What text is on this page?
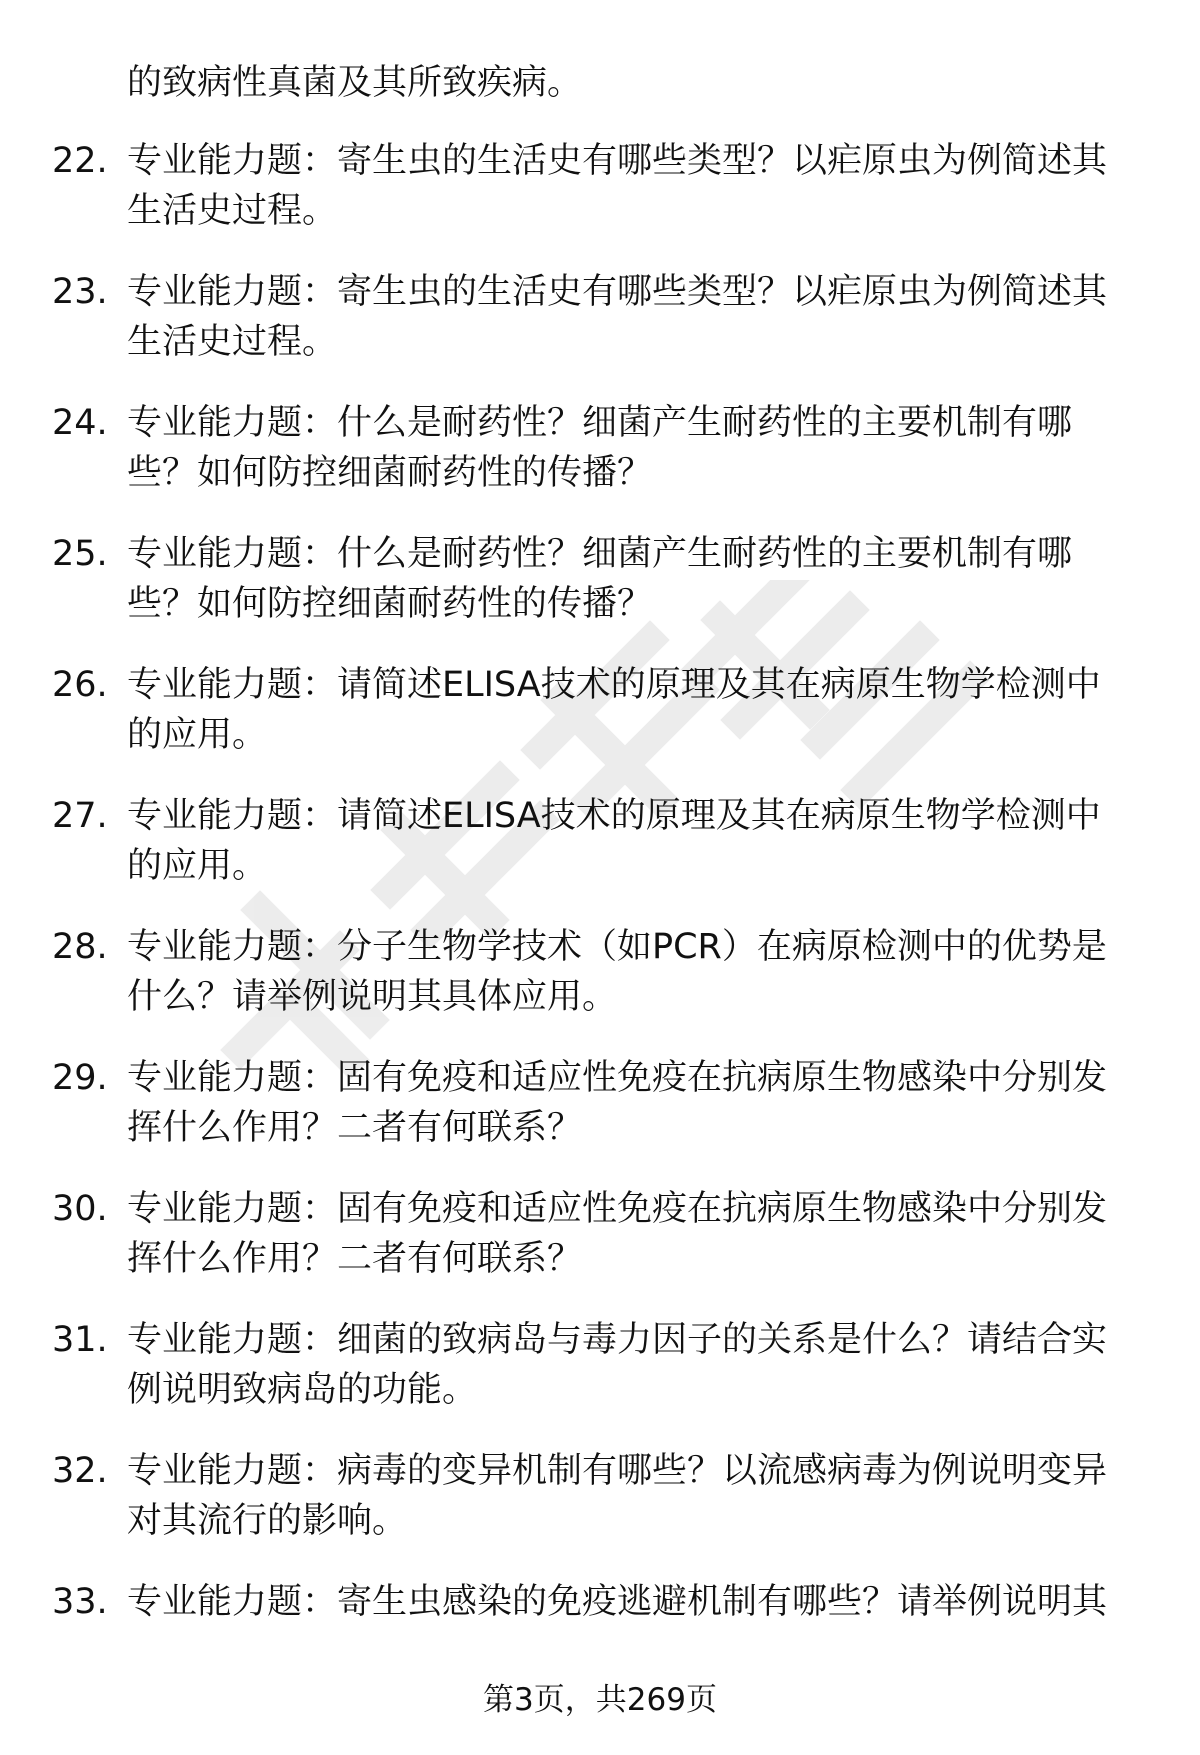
的致病性真菌及其所致疾病。

22. 专业能力题：寄生虫的生活史有哪些类型？以疟原虫为例简述其
生活史过程。
23. 专业能力题：寄生虫的生活史有哪些类型？以疟原虫为例简述其
生活史过程。
24. 专业能力题：什么是耐药性？细菌产生耐药性的主要机制有哪
些？如何防控细菌耐药性的传播？
25. 专业能力题：什么是耐药性？细菌产生耐药性的主要机制有哪
些？如何防控细菌耐药性的传播？
26. 专业能力题：请简述ELISA技术的原理及其在病原生物学检测中
的应用。
27. 专业能力题：请简述ELISA技术的原理及其在病原生物学检测中
的应用。
28. 专业能力题：分子生物学技术（如PCR）在病原检测中的优势是
什么？请举例说明其具体应用。
29. 专业能力题：固有免疫和适应性免疫在抗病原生物感染中分别发
挥什么作用？二者有何联系？
30. 专业能力题：固有免疫和适应性免疫在抗病原生物感染中分别发
挥什么作用？二者有何联系？
31. 专业能力题：细菌的致病岛与毒力因子的关系是什么？请结合实
例说明致病岛的功能。
32. 专业能力题：病毒的变异机制有哪些？以流感病毒为例说明变异
对其流行的影响。
33. 专业能力题：寄生虫感染的免疫逃避机制有哪些？请举例说明其
第3页，共269页
